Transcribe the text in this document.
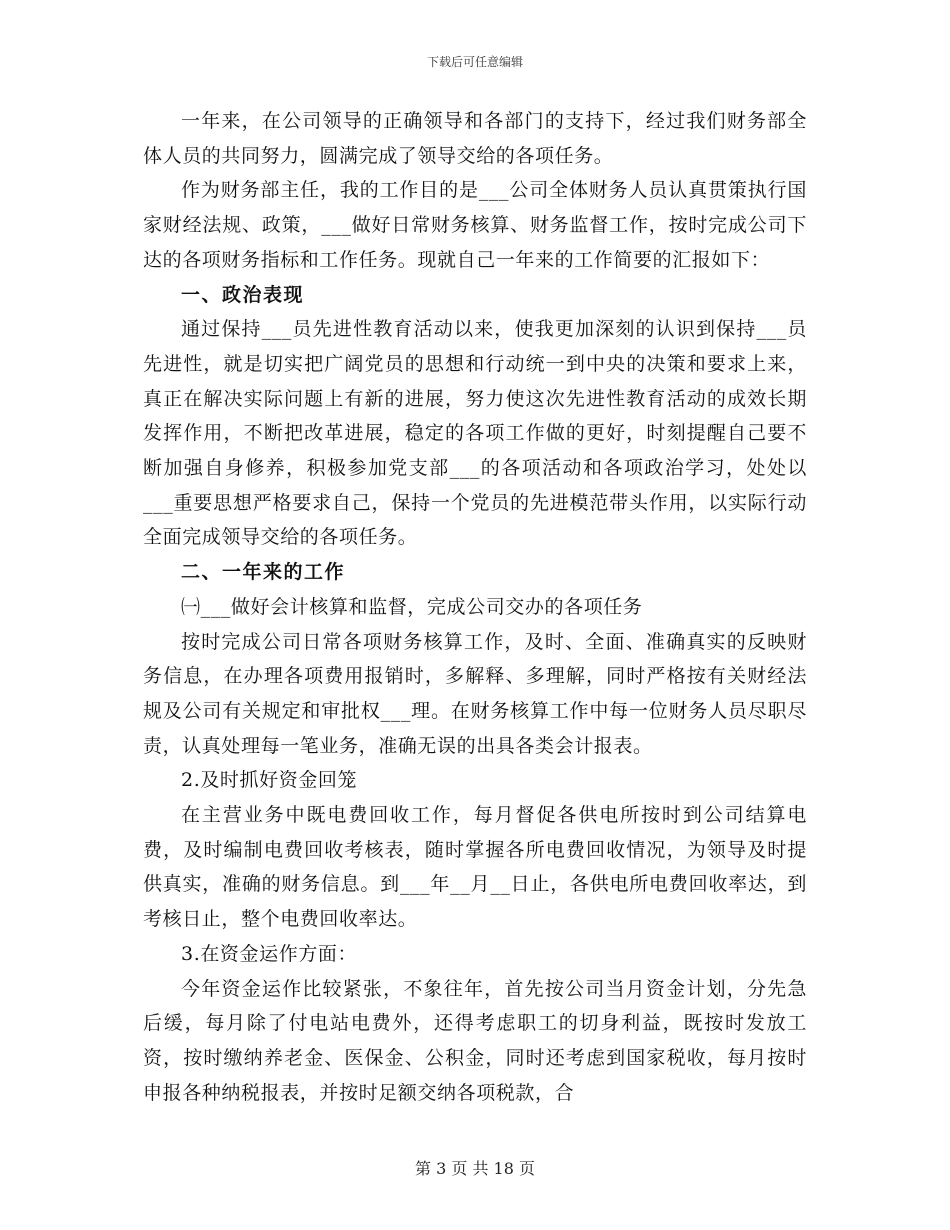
下载后可任意编辑

一年来，在公司领导的正确领导和各部门的支持下，经过我们财务部全体人员的共同努力，圆满完成了领导交给的各项任务。

作为财务部主任，我的工作目的是___公司全体财务人员认真贯策执行国家财经法规、政策，___做好日常财务核算、财务监督工作，按时完成公司下达的各项财务指标和工作任务。现就自己一年来的工作简要的汇报如下：

一、政治表现

通过保持___员先进性教育活动以来，使我更加深刻的认识到保持___员先进性，就是切实把广阔党员的思想和行动统一到中央的决策和要求上来，真正在解决实际问题上有新的进展，努力使这次先进性教育活动的成效长期发挥作用，不断把改革进展，稳定的各项工作做的更好，时刻提醒自己要不断加强自身修养，积极参加党支部___的各项活动和各项政治学习，处处以___重要思想严格要求自己，保持一个党员的先进模范带头作用，以实际行动全面完成领导交给的各项任务。

二、一年来的工作

㈠___做好会计核算和监督，完成公司交办的各项任务

按时完成公司日常各项财务核算工作，及时、全面、准确真实的反映财务信息，在办理各项费用报销时，多解释、多理解，同时严格按有关财经法规及公司有关规定和审批权___理。在财务核算工作中每一位财务人员尽职尽责，认真处理每一笔业务，准确无误的出具各类会计报表。

2.及时抓好资金回笼

在主营业务中既电费回收工作，每月督促各供电所按时到公司结算电费，及时编制电费回收考核表，随时掌握各所电费回收情况，为领导及时提供真实，准确的财务信息。到___年__月__日止，各供电所电费回收率达，到考核日止，整个电费回收率达。

3.在资金运作方面：

今年资金运作比较紧张，不象往年，首先按公司当月资金计划，分先急后缓，每月除了付电站电费外，还得考虑职工的切身利益，既按时发放工资，按时缴纳养老金、医保金、公积金，同时还考虑到国家税收，每月按时申报各种纳税报表，并按时足额交纳各项税款，合

第 3 页 共 18 页
